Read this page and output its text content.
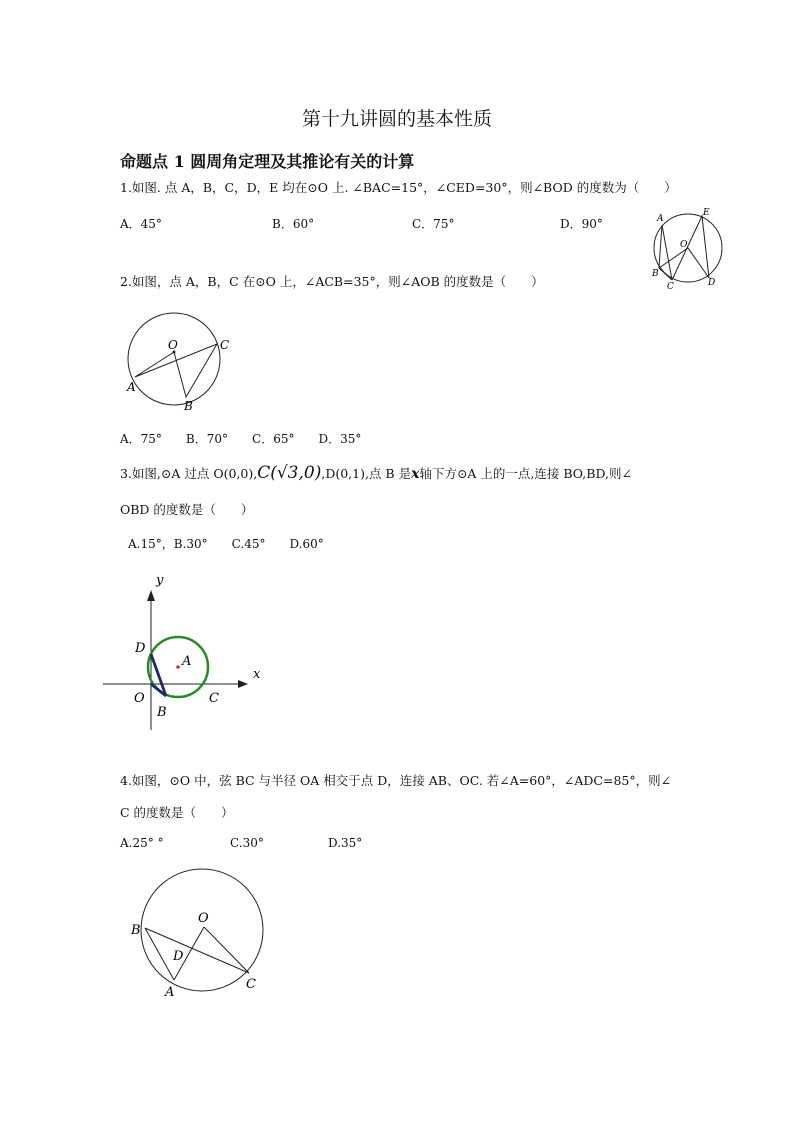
第十九讲圆的基本性质
命题点 1 圆周角定理及其推论有关的计算
1.如图. 点 A，B，C，D，E 均在⊙O 上. ∠BAC=15°，∠CED=30°，则∠BOD 的度数为（　　）
A．45°	B．60°	C．75°	D．90°	A
E
O
B
C	D
2.如图，点 A，B，C 在⊙O 上，∠ACB=35°，则∠AOB 的度数是（　　）
O	C
A
B
A．75°　　B．70°　　C．65°　　D．35°
3.如图,⊙A 过点 O(0,0),C(√3,0),D(0,1),点 B 是x轴下方⊙A 上的一点,连接 BO,BD,则∠
OBD 的度数是（　　）
A.15°，B.30°　　C.45°　　D.60°
y
D
A
x
O
B
C
4.如图，⊙O 中，弦 BC 与半径 OA 相交于点 D，连接 AB、OC. 若∠A=60°，∠ADC=85°，则∠
C 的度数是（　　）
A.25° °	C.30°	D.35°
O
B
D
C
A
